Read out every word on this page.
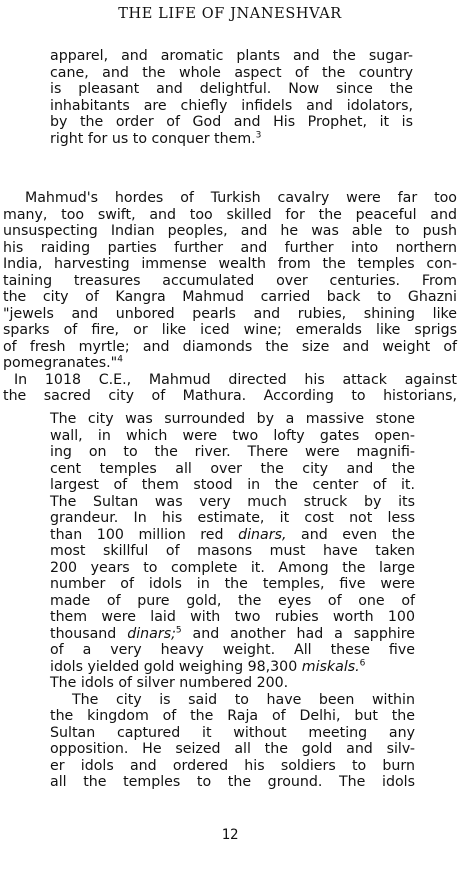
THE LIFE OF JNANESHVAR
apparel, and aromatic plants and the sugar-
cane, and the whole aspect of the country
is pleasant and delightful. Now since the
inhabitants are chiefly infidels and idolators,
by the order of God and His Prophet, it is
right for us to conquer them.$^3$
Mahmud's hordes of Turkish cavalry were far too
many, too swift, and too skilled for the peaceful and
unsuspecting Indian peoples, and he was able to push
his raiding parties further and further into northern
India, harvesting immense wealth from the temples con-
taining treasures accumulated over centuries. From
the city of Kangra Mahmud carried back to Ghazni
"jewels and unbored pearls and rubies, shining like
sparks of fire, or like iced wine; emeralds like sprigs
of fresh myrtle; and diamonds the size and weight of
pomegranates."$^4$
In 1018 C.E., Mahmud directed his attack against
the sacred city of Mathura. According to historians,
The city was surrounded by a massive stone
wall, in which were two lofty gates open-
ing on to the river. There were magnifi-
cent temples all over the city and the
largest of them stood in the center of it.
The Sultan was very much struck by its
grandeur. In his estimate, it cost not less
than 100 million red dinars, and even the
most skillful of masons must have taken
200 years to complete it. Among the large
number of idols in the temples, five were
made of pure gold, the eyes of one of
them were laid with two rubies worth 100
thousand dinars;$^5$ and another had a sapphire
of a very heavy weight. All these five
idols yielded gold weighing 98,300 miskals.$^6$
The idols of silver numbered 200.
The city is said to have been within
the kingdom of the Raja of Delhi, but the
Sultan captured it without meeting any
opposition. He seized all the gold and silv-
er idols and ordered his soldiers to burn
all the temples to the ground. The idols
12
